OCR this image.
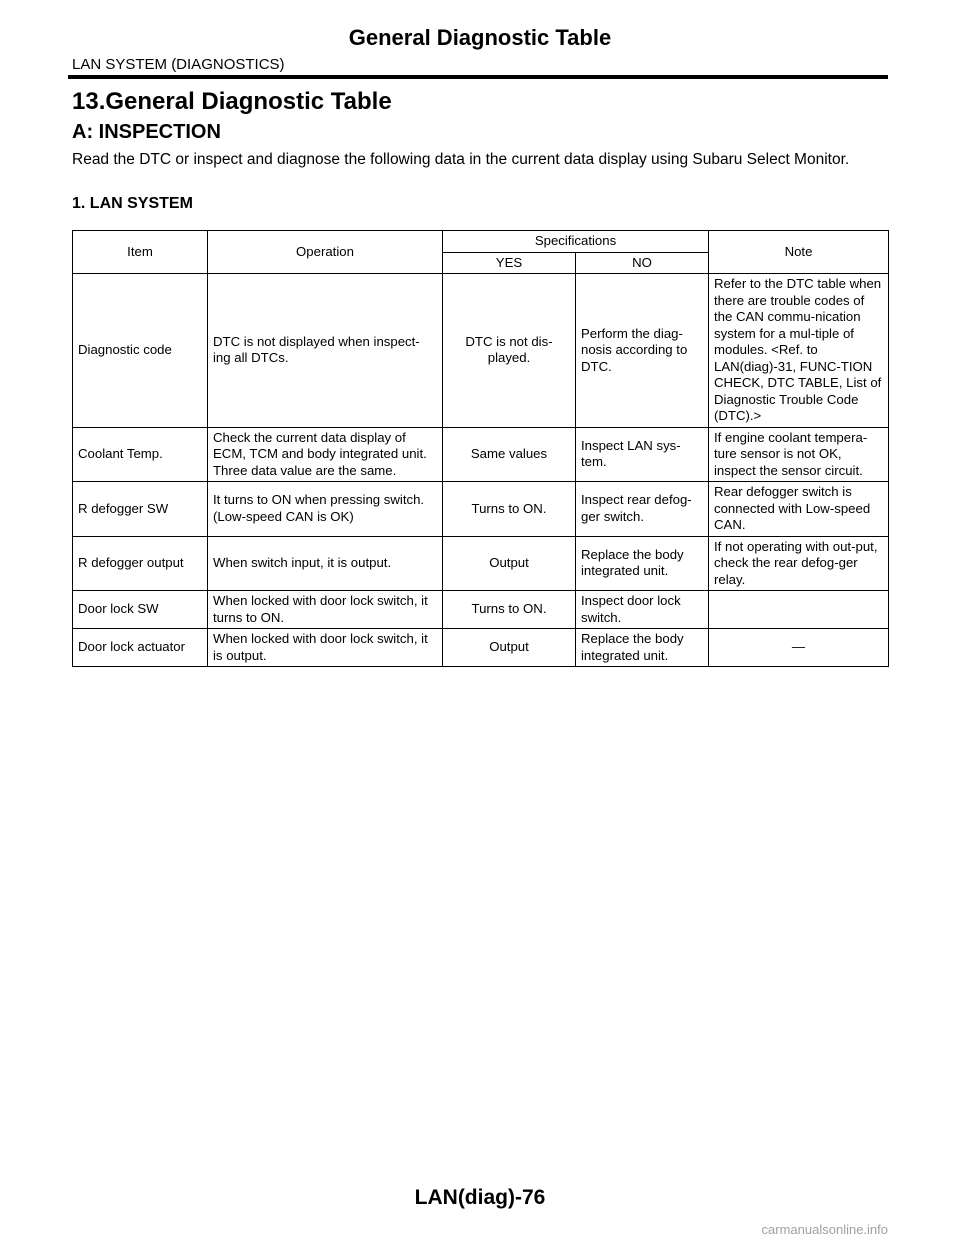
General Diagnostic Table
LAN SYSTEM (DIAGNOSTICS)
13.General Diagnostic Table
A: INSPECTION
Read the DTC or inspect and diagnose the following data in the current data display using Subaru Select Monitor.
1. LAN SYSTEM
Item	Operation	Specifications		Note
		YES	NO	
Diagnostic code	DTC is not displayed when inspect-ing all DTCs.	DTC is not dis-played.	Perform the diag-nosis according to DTC.	Refer to the DTC table when there are trouble codes of the CAN commu-nication system for a mul-tiple of modules. <Ref. to LAN(diag)-31, FUNC-TION CHECK, DTC TABLE, List of Diagnostic Trouble Code (DTC).>
Coolant Temp.	Check the current data display of ECM, TCM and body integrated unit. Three data value are the same.	Same values	Inspect LAN sys-tem.	If engine coolant tempera-ture sensor is not OK, inspect the sensor circuit.
R defogger SW	It turns to ON when pressing switch. (Low-speed CAN is OK)	Turns to ON.	Inspect rear defog-ger switch.	Rear defogger switch is connected with Low-speed CAN.
R defogger output	When switch input, it is output.	Output	Replace the body integrated unit.	If not operating with out-put, check the rear defog-ger relay.
Door lock SW	When locked with door lock switch, it turns to ON.	Turns to ON.	Inspect door lock switch.	
Door lock actuator	When locked with door lock switch, it is output.	Output	Replace the body integrated unit.	—
LAN(diag)-76
carmanualsonline.info
